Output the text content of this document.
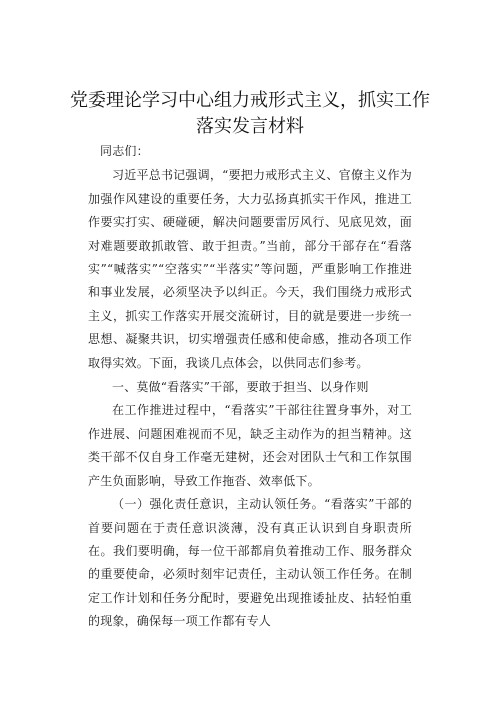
党委理论学习中心组力戒形式主义，抓实工作
落实发言材料

同志们：

习近平总书记强调，“要把力戒形式主义、官僚主义作为加强作风建设的重要任务，大力弘扬真抓实干作风，推进工作要实打实、硬碰硬，解决问题要雷厉风行、见底见效，面对难题要敢抓敢管、敢于担责。”当前，部分干部存在“看落实”“喊落实”“空落实”“半落实”等问题，严重影响工作推进和事业发展，必须坚决予以纠正。今天，我们围绕力戒形式主义，抓实工作落实开展交流研讨，目的就是要进一步统一思想、凝聚共识，切实增强责任感和使命感，推动各项工作取得实效。下面，我谈几点体会，以供同志们参考。

一、莫做“看落实”干部，要敢于担当、以身作则

在工作推进过程中，“看落实”干部往往置身事外，对工作进展、问题困难视而不见，缺乏主动作为的担当精神。这类干部不仅自身工作毫无建树，还会对团队士气和工作氛围产生负面影响，导致工作拖沓、效率低下。

（一）强化责任意识，主动认领任务。“看落实”干部的首要问题在于责任意识淡薄，没有真正认识到自身职责所在。我们要明确，每一位干部都肩负着推动工作、服务群众的重要使命，必须时刻牢记责任，主动认领工作任务。在制定工作计划和任务分配时，要避免出现推诿扯皮、拈轻怕重的现象，确保每一项工作都有专人
